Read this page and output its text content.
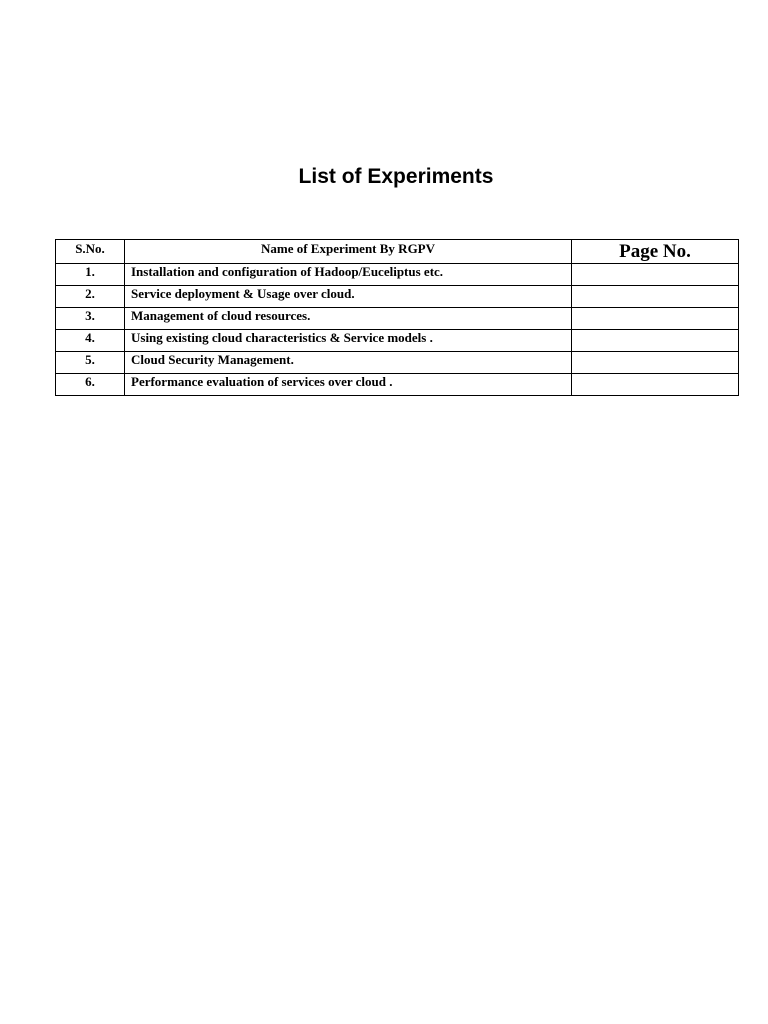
List of Experiments
S.No.	Name of Experiment By RGPV	Page No.
1.	Installation and configuration of Hadoop/Euceliptus etc.	
2.	Service deployment & Usage over cloud.	
3.	Management of cloud resources.	
4.	Using existing cloud characteristics & Service models .	
5.	Cloud Security Management.	
6.	Performance evaluation of services over cloud .	
